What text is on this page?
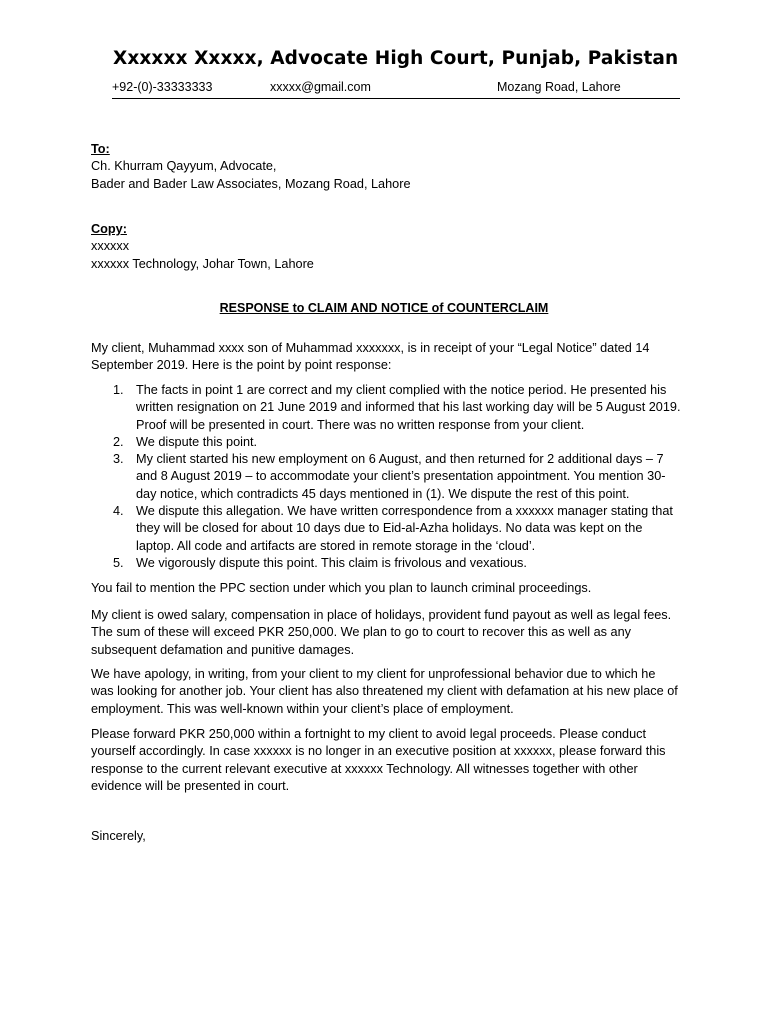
Xxxxxx Xxxxx, Advocate High Court, Punjab, Pakistan
+92-(0)-33333333	xxxxx@gmail.com	Mozang Road, Lahore
To:
Ch. Khurram Qayyum, Advocate,
Bader and Bader Law Associates, Mozang Road, Lahore
Copy:
xxxxxx
xxxxxx Technology, Johar Town, Lahore
RESPONSE to CLAIM AND NOTICE of COUNTERCLAIM
My client, Muhammad xxxx son of Muhammad xxxxxxx, is in receipt of your “Legal Notice” dated 14 September 2019. Here is the point by point response:
1. The facts in point 1 are correct and my client complied with the notice period. He presented his written resignation on 21 June 2019 and informed that his last working day will be 5 August 2019. Proof will be presented in court. There was no written response from your client.
2. We dispute this point.
3. My client started his new employment on 6 August, and then returned for 2 additional days – 7 and 8 August 2019 – to accommodate your client’s presentation appointment. You mention 30-day notice, which contradicts 45 days mentioned in (1). We dispute the rest of this point.
4. We dispute this allegation. We have written correspondence from a xxxxxx manager stating that they will be closed for about 10 days due to Eid-al-Azha holidays. No data was kept on the laptop. All code and artifacts are stored in remote storage in the ‘cloud’.
5. We vigorously dispute this point. This claim is frivolous and vexatious.
You fail to mention the PPC section under which you plan to launch criminal proceedings.
My client is owed salary, compensation in place of holidays, provident fund payout as well as legal fees. The sum of these will exceed PKR 250,000. We plan to go to court to recover this as well as any subsequent defamation and punitive damages.
We have apology, in writing, from your client to my client for unprofessional behavior due to which he was looking for another job. Your client has also threatened my client with defamation at his new place of employment. This was well-known within your client’s place of employment.
Please forward PKR 250,000 within a fortnight to my client to avoid legal proceeds. Please conduct yourself accordingly. In case xxxxxx is no longer in an executive position at xxxxxx, please forward this response to the current relevant executive at xxxxxx Technology. All witnesses together with other evidence will be presented in court.
Sincerely,
